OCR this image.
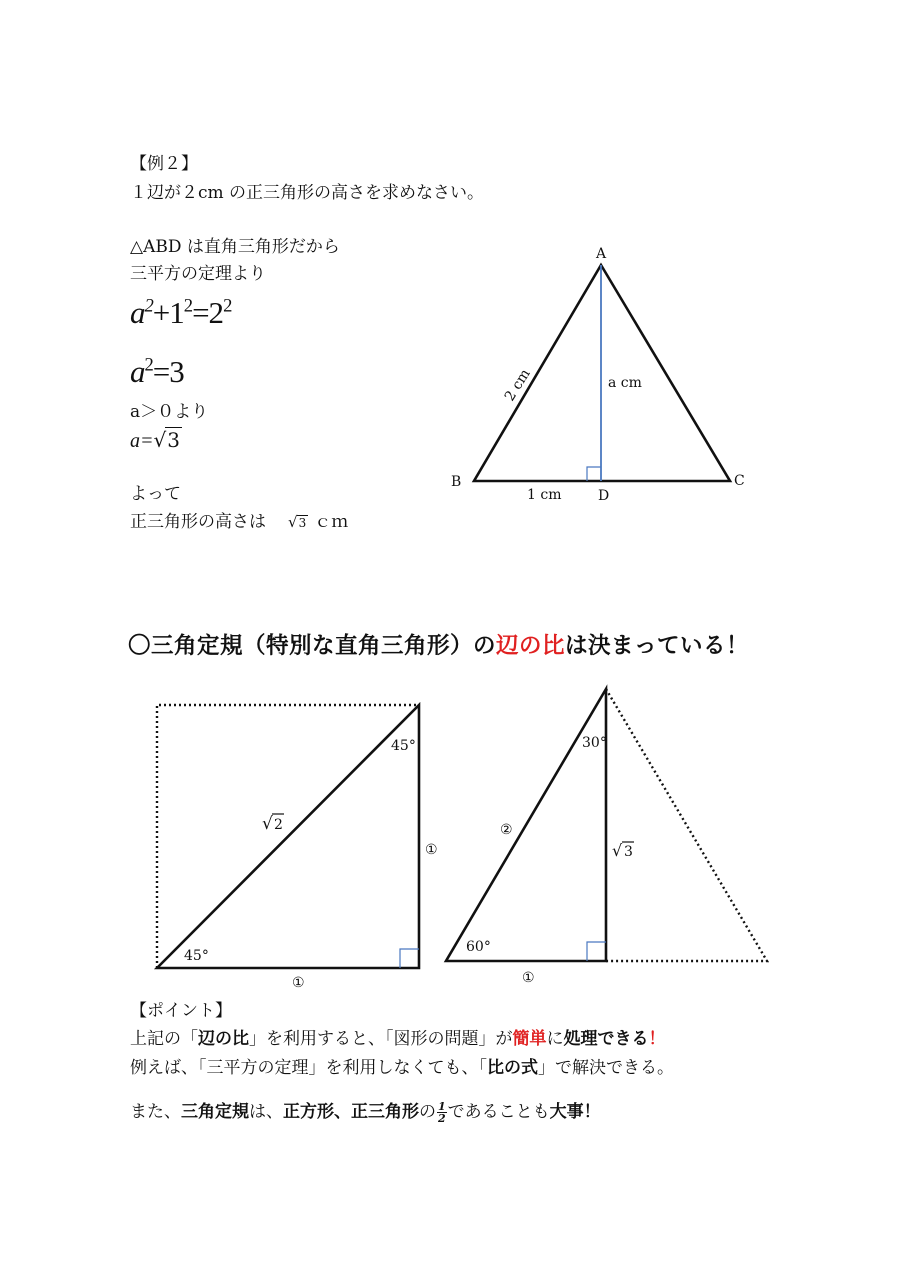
【例２】
１辺が２cm の正三角形の高さを求めなさい。
△ABD は直角三角形だから
三平方の定理より
$a^2+1^2=2^2$
$a^2=3$
a＞０より
a=√3
よって
正三角形の高さは √3 ｃｍ
〇三角定規（特別な直角三角形）の辺の比は決まっている！
【ポイント】
上記の「辺の比」を利用すると、「図形の問題」が簡単に処理できる！
例えば、「三平方の定理」を利用しなくても、「比の式」で解決できる。
また、三角定規は、正方形、正三角形の $\frac{1}{2}$ であることも大事！
A
B	C
D
2 cm	a cm
1 cm
45°
45°
①
①
√ 2
30°
60°
②
①
√ 3
